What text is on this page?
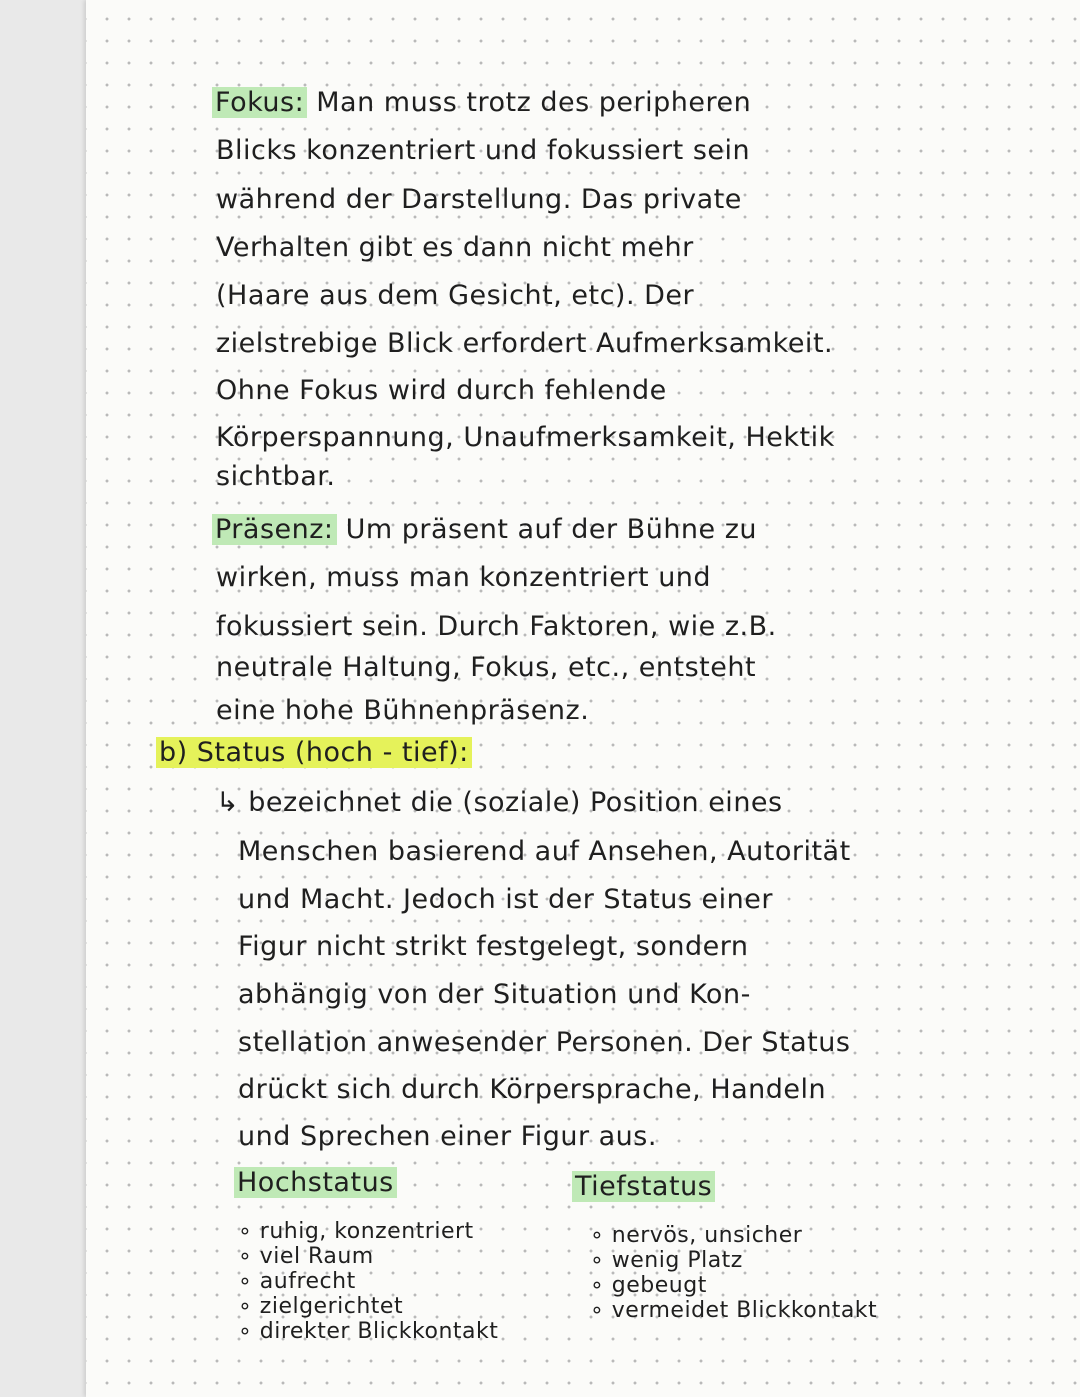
Fokus: Man muss trotz des peripheren
Blicks konzentriert und fokussiert sein
während der Darstellung. Das private
Verhalten gibt es dann nicht mehr
(Haare aus dem Gesicht, etc). Der
zielstrebige Blick erfordert Aufmerksamkeit.
Ohne Fokus wird durch fehlende
Körperspannung, Unaufmerksamkeit, Hektik
sichtbar.
Präsenz: Um präsent auf der Bühne zu
wirken, muss man konzentriert und
fokussiert sein. Durch Faktoren, wie z.B.
neutrale Haltung, Fokus, etc., entsteht
eine hohe Bühnenpräsenz.
b) Status (hoch - tief):
↳ bezeichnet die (soziale) Position eines
Menschen basierend auf Ansehen, Autorität
und Macht. Jedoch ist der Status einer
Figur nicht strikt festgelegt, sondern
abhängig von der Situation und Kon-
stellation anwesender Personen. Der Status
drückt sich durch Körpersprache, Handeln
und Sprechen einer Figur aus.
Hochstatus	Tiefstatus
∘ ruhig, konzentriert
∘ viel Raum
∘ aufrecht
∘ zielgerichtet
∘ direkter Blickkontakt
∘ nervös, unsicher
∘ wenig Platz
∘ gebeugt
∘ vermeidet Blickkontakt
